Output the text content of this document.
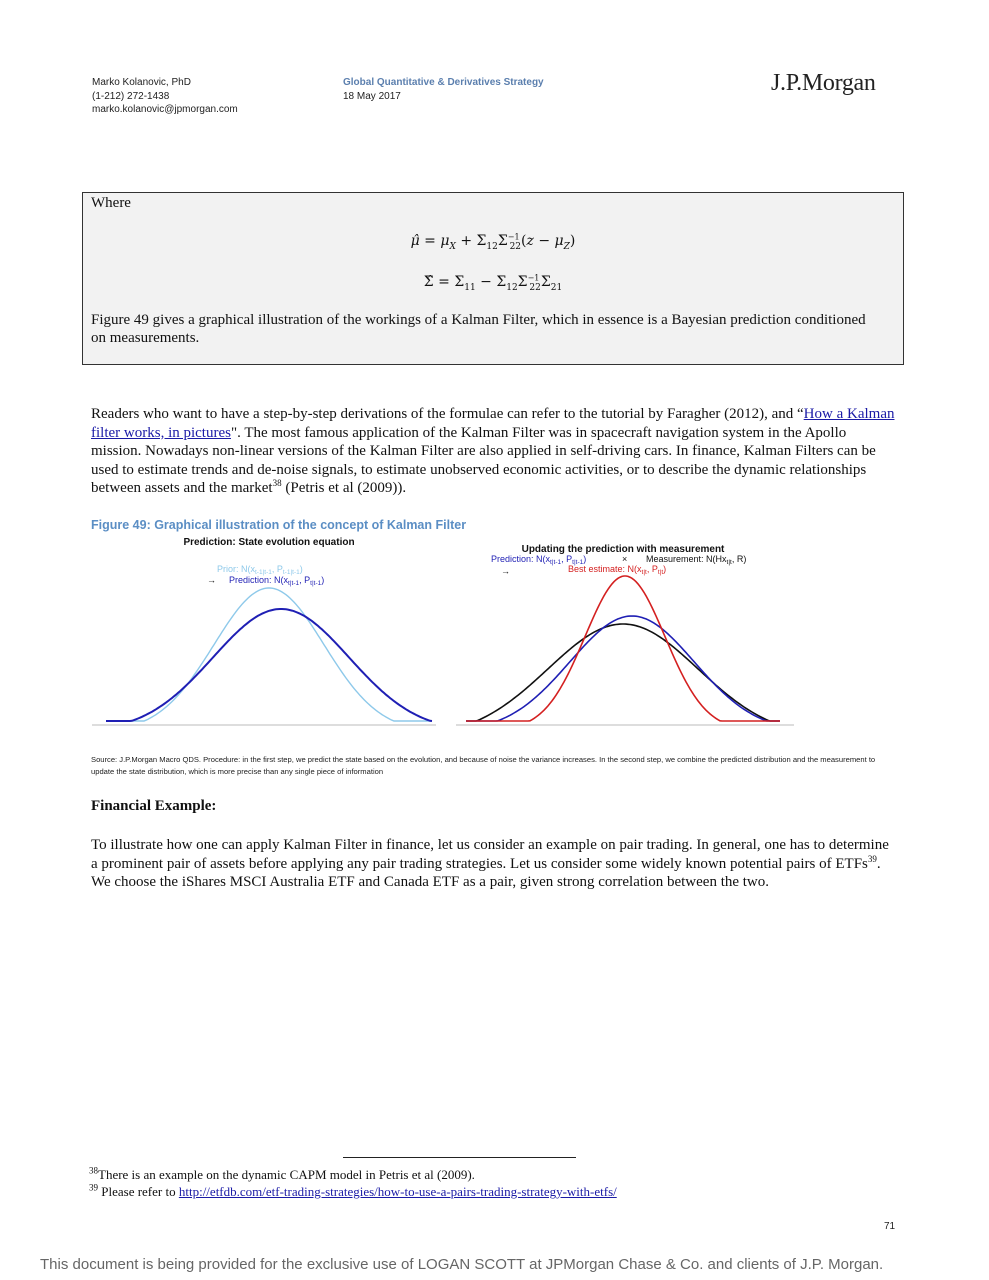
Marko Kolanovic, PhD
(1-212) 272-1438
marko.kolanovic@jpmorgan.com
Global Quantitative & Derivatives Strategy
18 May 2017	J.P.Morgan
Where
μ̂ = $\mu_X + \Sigma_{12}\Sigma^{-1}_{22}(z - \mu_Z)$
Σ̂ = $\Sigma_{11} - \Sigma_{12}\Sigma^{-1}_{22}\Sigma_{21}$
Figure 49 gives a graphical illustration of the workings of a Kalman Filter, which in essence is a Bayesian prediction conditioned on measurements.
Readers who want to have a step-by-step derivations of the formulae can refer to the tutorial by Faragher (2012), and “How a Kalman filter works, in pictures". The most famous application of the Kalman Filter was in spacecraft navigation system in the Apollo mission. Nowadays non-linear versions of the Kalman Filter are also applied in self-driving cars. In finance, Kalman Filters can be used to estimate trends and de-noise signals, to estimate unobserved economic activities, or to describe the dynamic relationships between assets and the market$^{38}$ (Petris et al (2009)).
Figure 49: Graphical illustration of the concept of Kalman Filter
Prediction: State evolution equation
Prior: $N(x_{t-1|t-1}$, $P_{t-1|t-1}$)
→ Prediction: $N(x_{t|t-1}$, $P_{t|t-1}$)
Updating the prediction with measurement
Prediction: $N(x_{t|t-1}$, $P_{t|t-1}$)	× Measurement: $N(Hx_{t|t}$, R)
→	Best estimate: $N(x_{t|t}$, $P_{t|t}$)
Source: J.P.Morgan Macro QDS. Procedure: in the first step, we predict the state based on the evolution, and because of noise the variance increases. In the second step, we combine the predicted distribution and the measurement to update the state distribution, which is more precise than any single piece of information
Financial Example:
To illustrate how one can apply Kalman Filter in finance, let us consider an example on pair trading. In general, one has to determine a prominent pair of assets before applying any pair trading strategies. Let us consider some widely known potential pairs of ETFs$^{39}$. We choose the iShares MSCI Australia ETF and Canada ETF as a pair, given strong correlation between the two.
$^{38}$There is an example on the dynamic CAPM model in Petris et al (2009).
$^{39}$ Please refer to http://etfdb.com/etf-trading-strategies/how-to-use-a-pairs-trading-strategy-with-etfs/
71
This document is being provided for the exclusive use of LOGAN SCOTT at JPMorgan Chase & Co. and clients of J.P. Morgan.
